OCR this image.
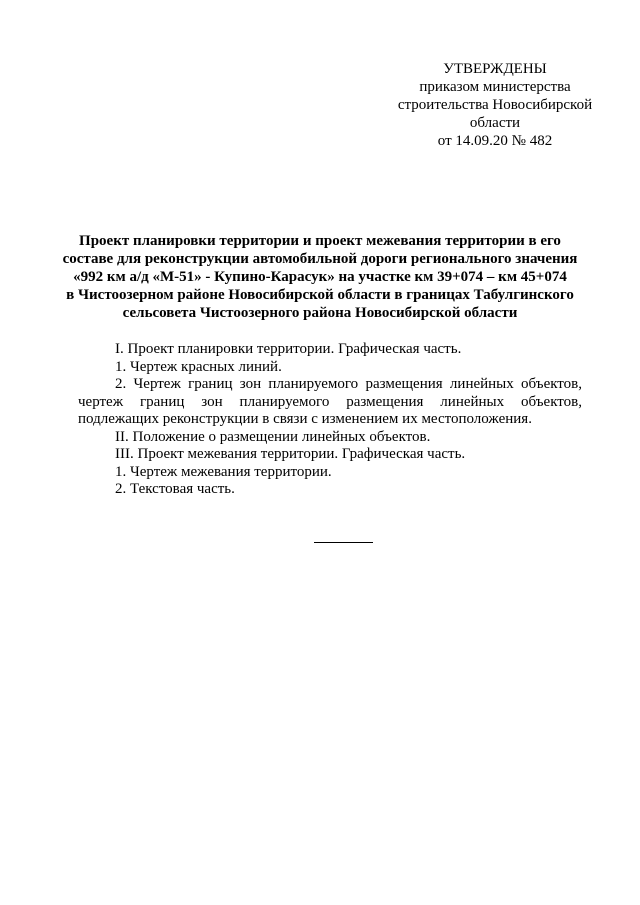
УТВЕРЖДЕНЫ
приказом министерства
строительства Новосибирской
области
от 14.09.20 № 482
Проект планировки территории и проект межевания территории в его
составе для реконструкции автомобильной дороги регионального значения
«992 км а/д «М-51» - Купино-Карасук» на участке км 39+074 – км 45+074
в Чистоозерном районе Новосибирской области в границах Табулгинского
сельсовета Чистоозерного района Новосибирской области

I. Проект планировки территории. Графическая часть.

1. Чертеж красных линий.

2. Чертеж границ зон планируемого размещения линейных объектов, чертеж границ зон планируемого размещения линейных объектов, подлежащих реконструкции в связи с изменением их местоположения.

II. Положение о размещении линейных объектов.

III. Проект межевания территории. Графическая часть.

1. Чертеж межевания территории.

2. Текстовая часть.
